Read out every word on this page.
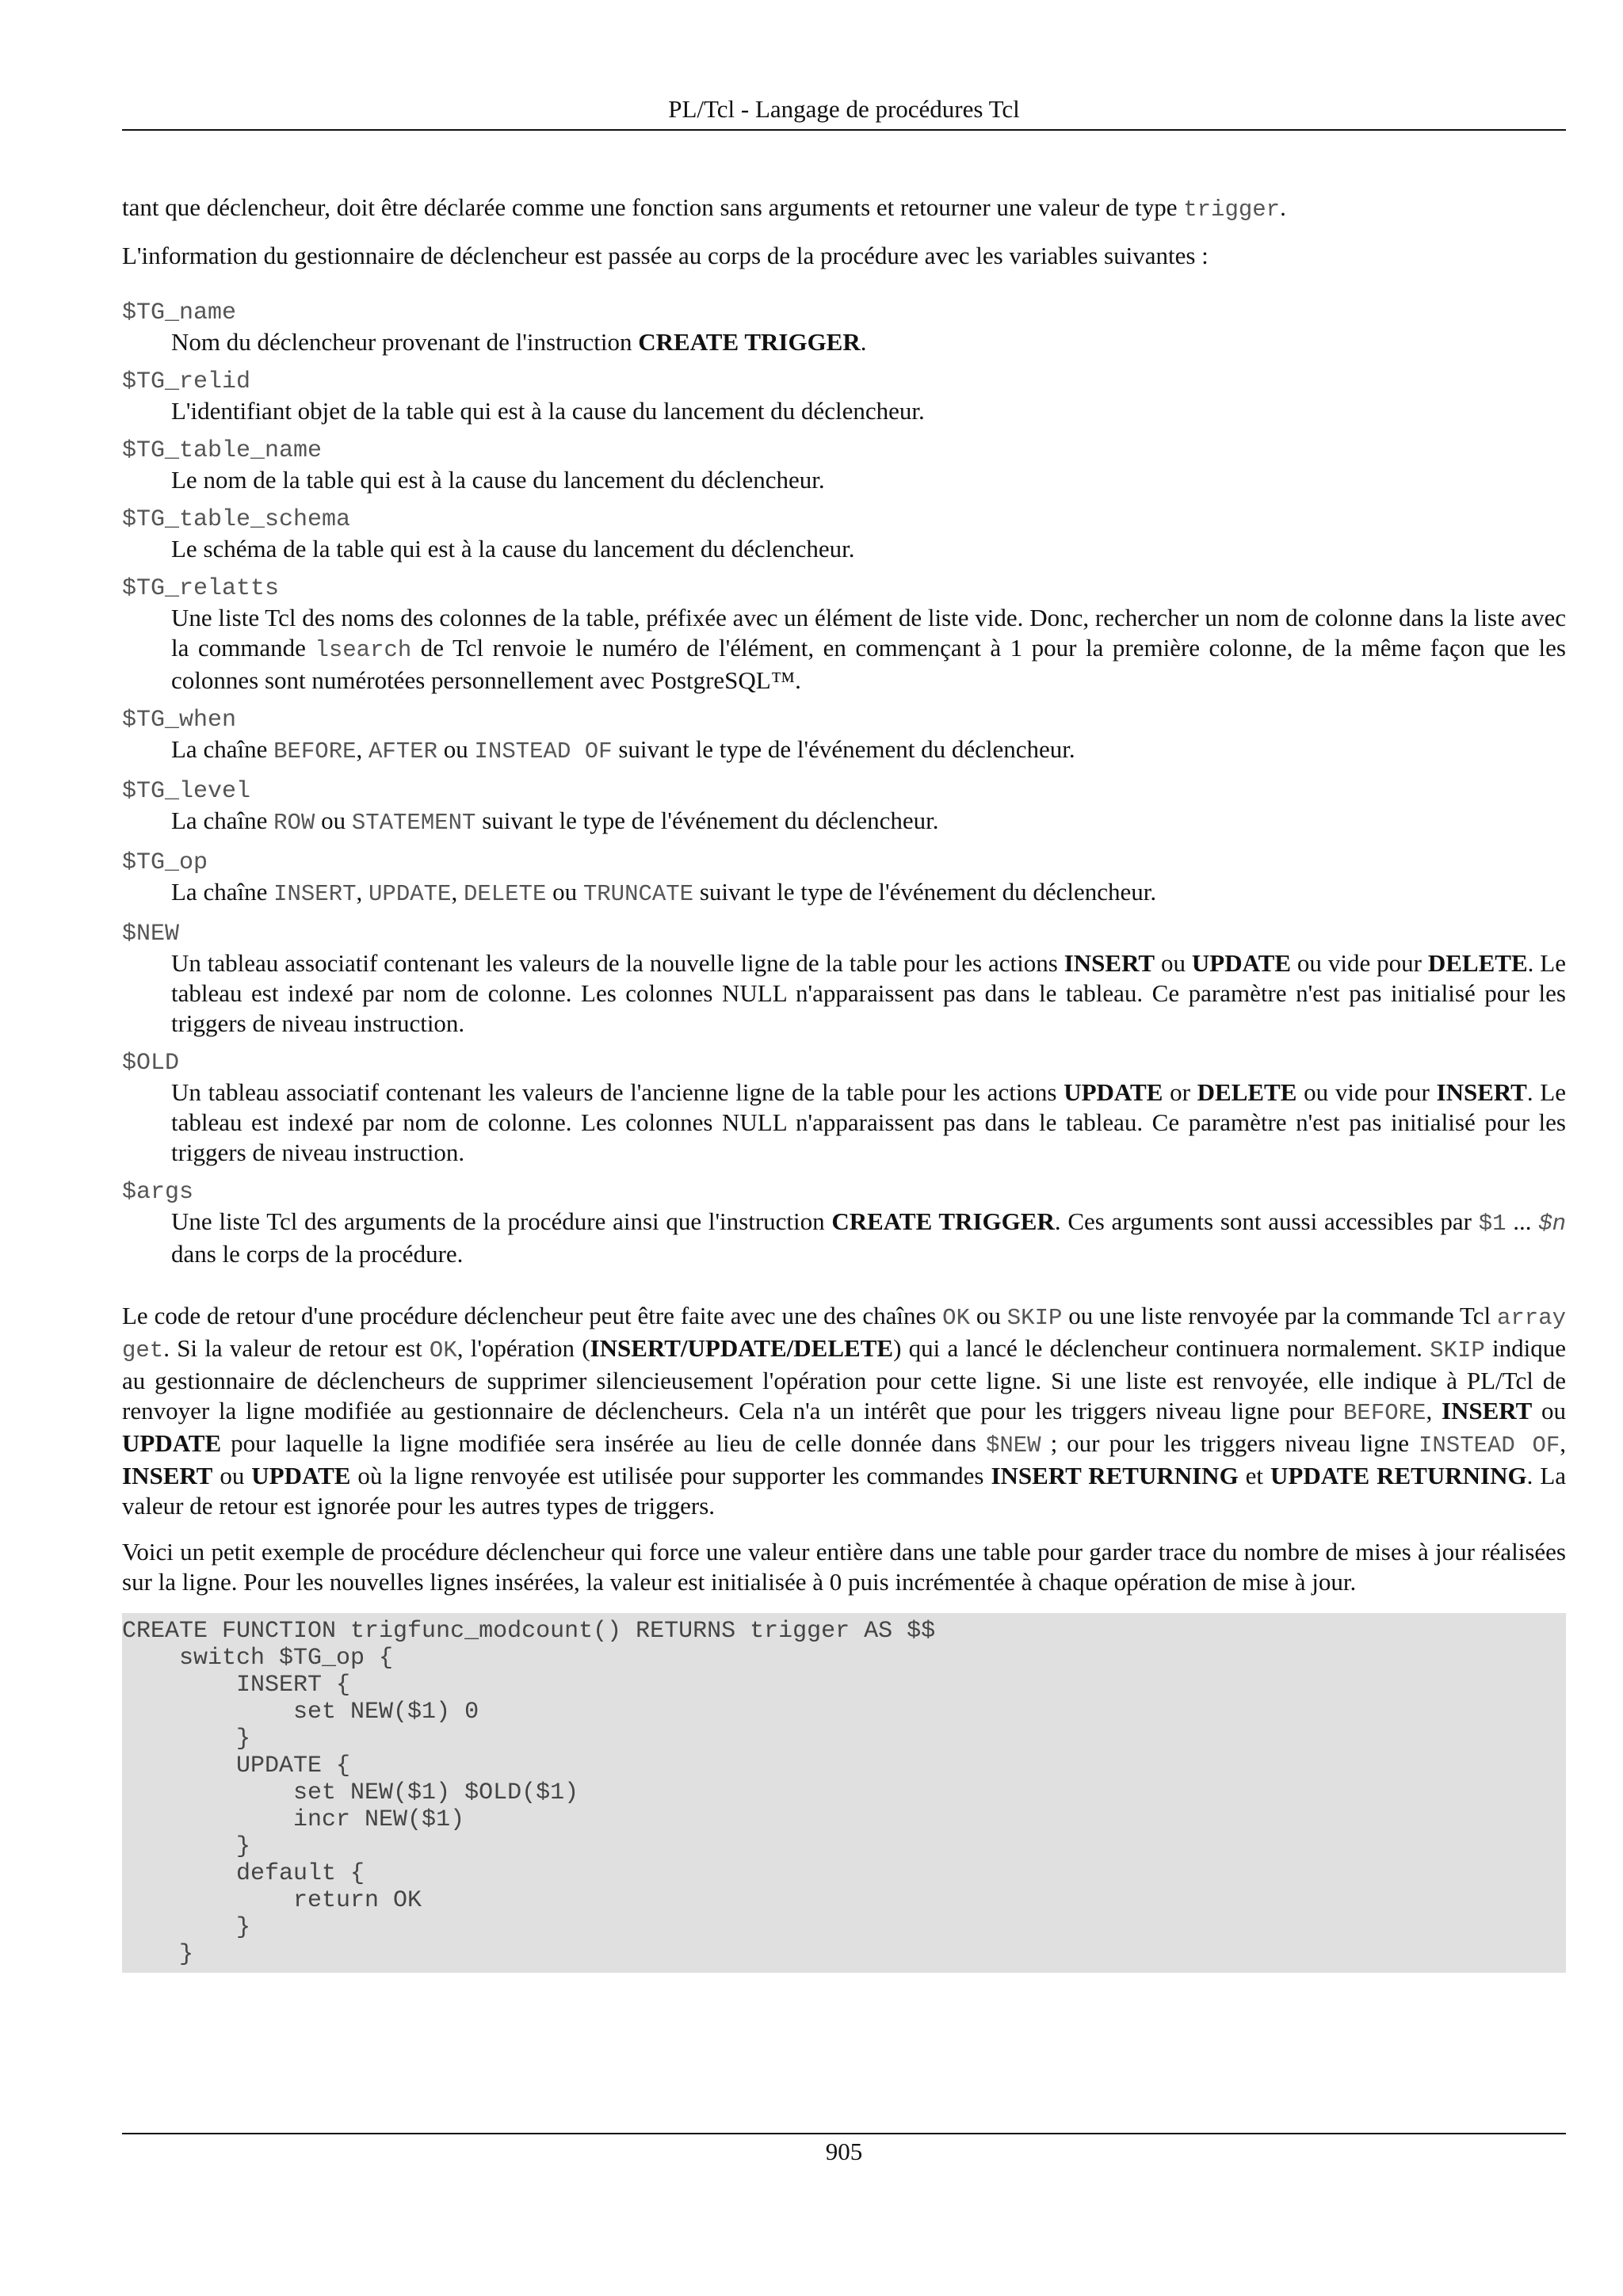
PL/Tcl - Langage de procédures Tcl

tant que déclencheur, doit être déclarée comme une fonction sans arguments et retourner une valeur de type trigger.

L'information du gestionnaire de déclencheur est passée au corps de la procédure avec les variables suivantes :

$TG_name

Nom du déclencheur provenant de l'instruction CREATE TRIGGER.

$TG_relid

L'identifiant objet de la table qui est à la cause du lancement du déclencheur.

$TG_table_name

Le nom de la table qui est à la cause du lancement du déclencheur.

$TG_table_schema

Le schéma de la table qui est à la cause du lancement du déclencheur.

$TG_relatts

Une liste Tcl des noms des colonnes de la table, préfixée avec un élément de liste vide. Donc, rechercher un nom de colonne dans la liste avec la commande lsearch de Tcl renvoie le numéro de l'élément, en commençant à 1 pour la première colonne, de la même façon que les colonnes sont numérotées personnellement avec PostgreSQL™.

$TG_when

La chaîne BEFORE, AFTER ou INSTEAD OF suivant le type de l'événement du déclencheur.

$TG_level

La chaîne ROW ou STATEMENT suivant le type de l'événement du déclencheur.

$TG_op

La chaîne INSERT, UPDATE, DELETE ou TRUNCATE suivant le type de l'événement du déclencheur.

$NEW

Un tableau associatif contenant les valeurs de la nouvelle ligne de la table pour les actions INSERT ou UPDATE ou vide pour DELETE. Le tableau est indexé par nom de colonne. Les colonnes NULL n'apparaissent pas dans le tableau. Ce paramètre n'est pas initialisé pour les triggers de niveau instruction.

$OLD

Un tableau associatif contenant les valeurs de l'ancienne ligne de la table pour les actions UPDATE or DELETE ou vide pour INSERT. Le tableau est indexé par nom de colonne. Les colonnes NULL n'apparaissent pas dans le tableau. Ce paramètre n'est pas initialisé pour les triggers de niveau instruction.

$args

Une liste Tcl des arguments de la procédure ainsi que l'instruction CREATE TRIGGER. Ces arguments sont aussi accessibles par $1 ... $n dans le corps de la procédure.

Le code de retour d'une procédure déclencheur peut être faite avec une des chaînes OK ou SKIP ou une liste renvoyée par la commande Tcl array get. Si la valeur de retour est OK, l'opération (INSERT/UPDATE/DELETE) qui a lancé le déclencheur continuera normalement. SKIP indique au gestionnaire de déclencheurs de supprimer silencieusement l'opération pour cette ligne. Si une liste est renvoyée, elle indique à PL/Tcl de renvoyer la ligne modifiée au gestionnaire de déclencheurs. Cela n'a un intérêt que pour les triggers niveau ligne pour BEFORE, INSERT ou UPDATE pour laquelle la ligne modifiée sera insérée au lieu de celle donnée dans $NEW ; our pour les triggers niveau ligne INSTEAD OF, INSERT ou UPDATE où la ligne renvoyée est utilisée pour supporter les commandes INSERT RETURNING et UPDATE RETURNING. La valeur de retour est ignorée pour les autres types de triggers.

Voici un petit exemple de procédure déclencheur qui force une valeur entière dans une table pour garder trace du nombre de mises à jour réalisées sur la ligne. Pour les nouvelles lignes insérées, la valeur est initialisée à 0 puis incrémentée à chaque opération de mise à jour.

CREATE FUNCTION trigfunc_modcount() RETURNS trigger AS $$
switch $TG_op {
INSERT {
set NEW($1) 0
}
UPDATE {
set NEW($1) $OLD($1)
incr NEW($1)
}
default {
return OK
}
}
905
